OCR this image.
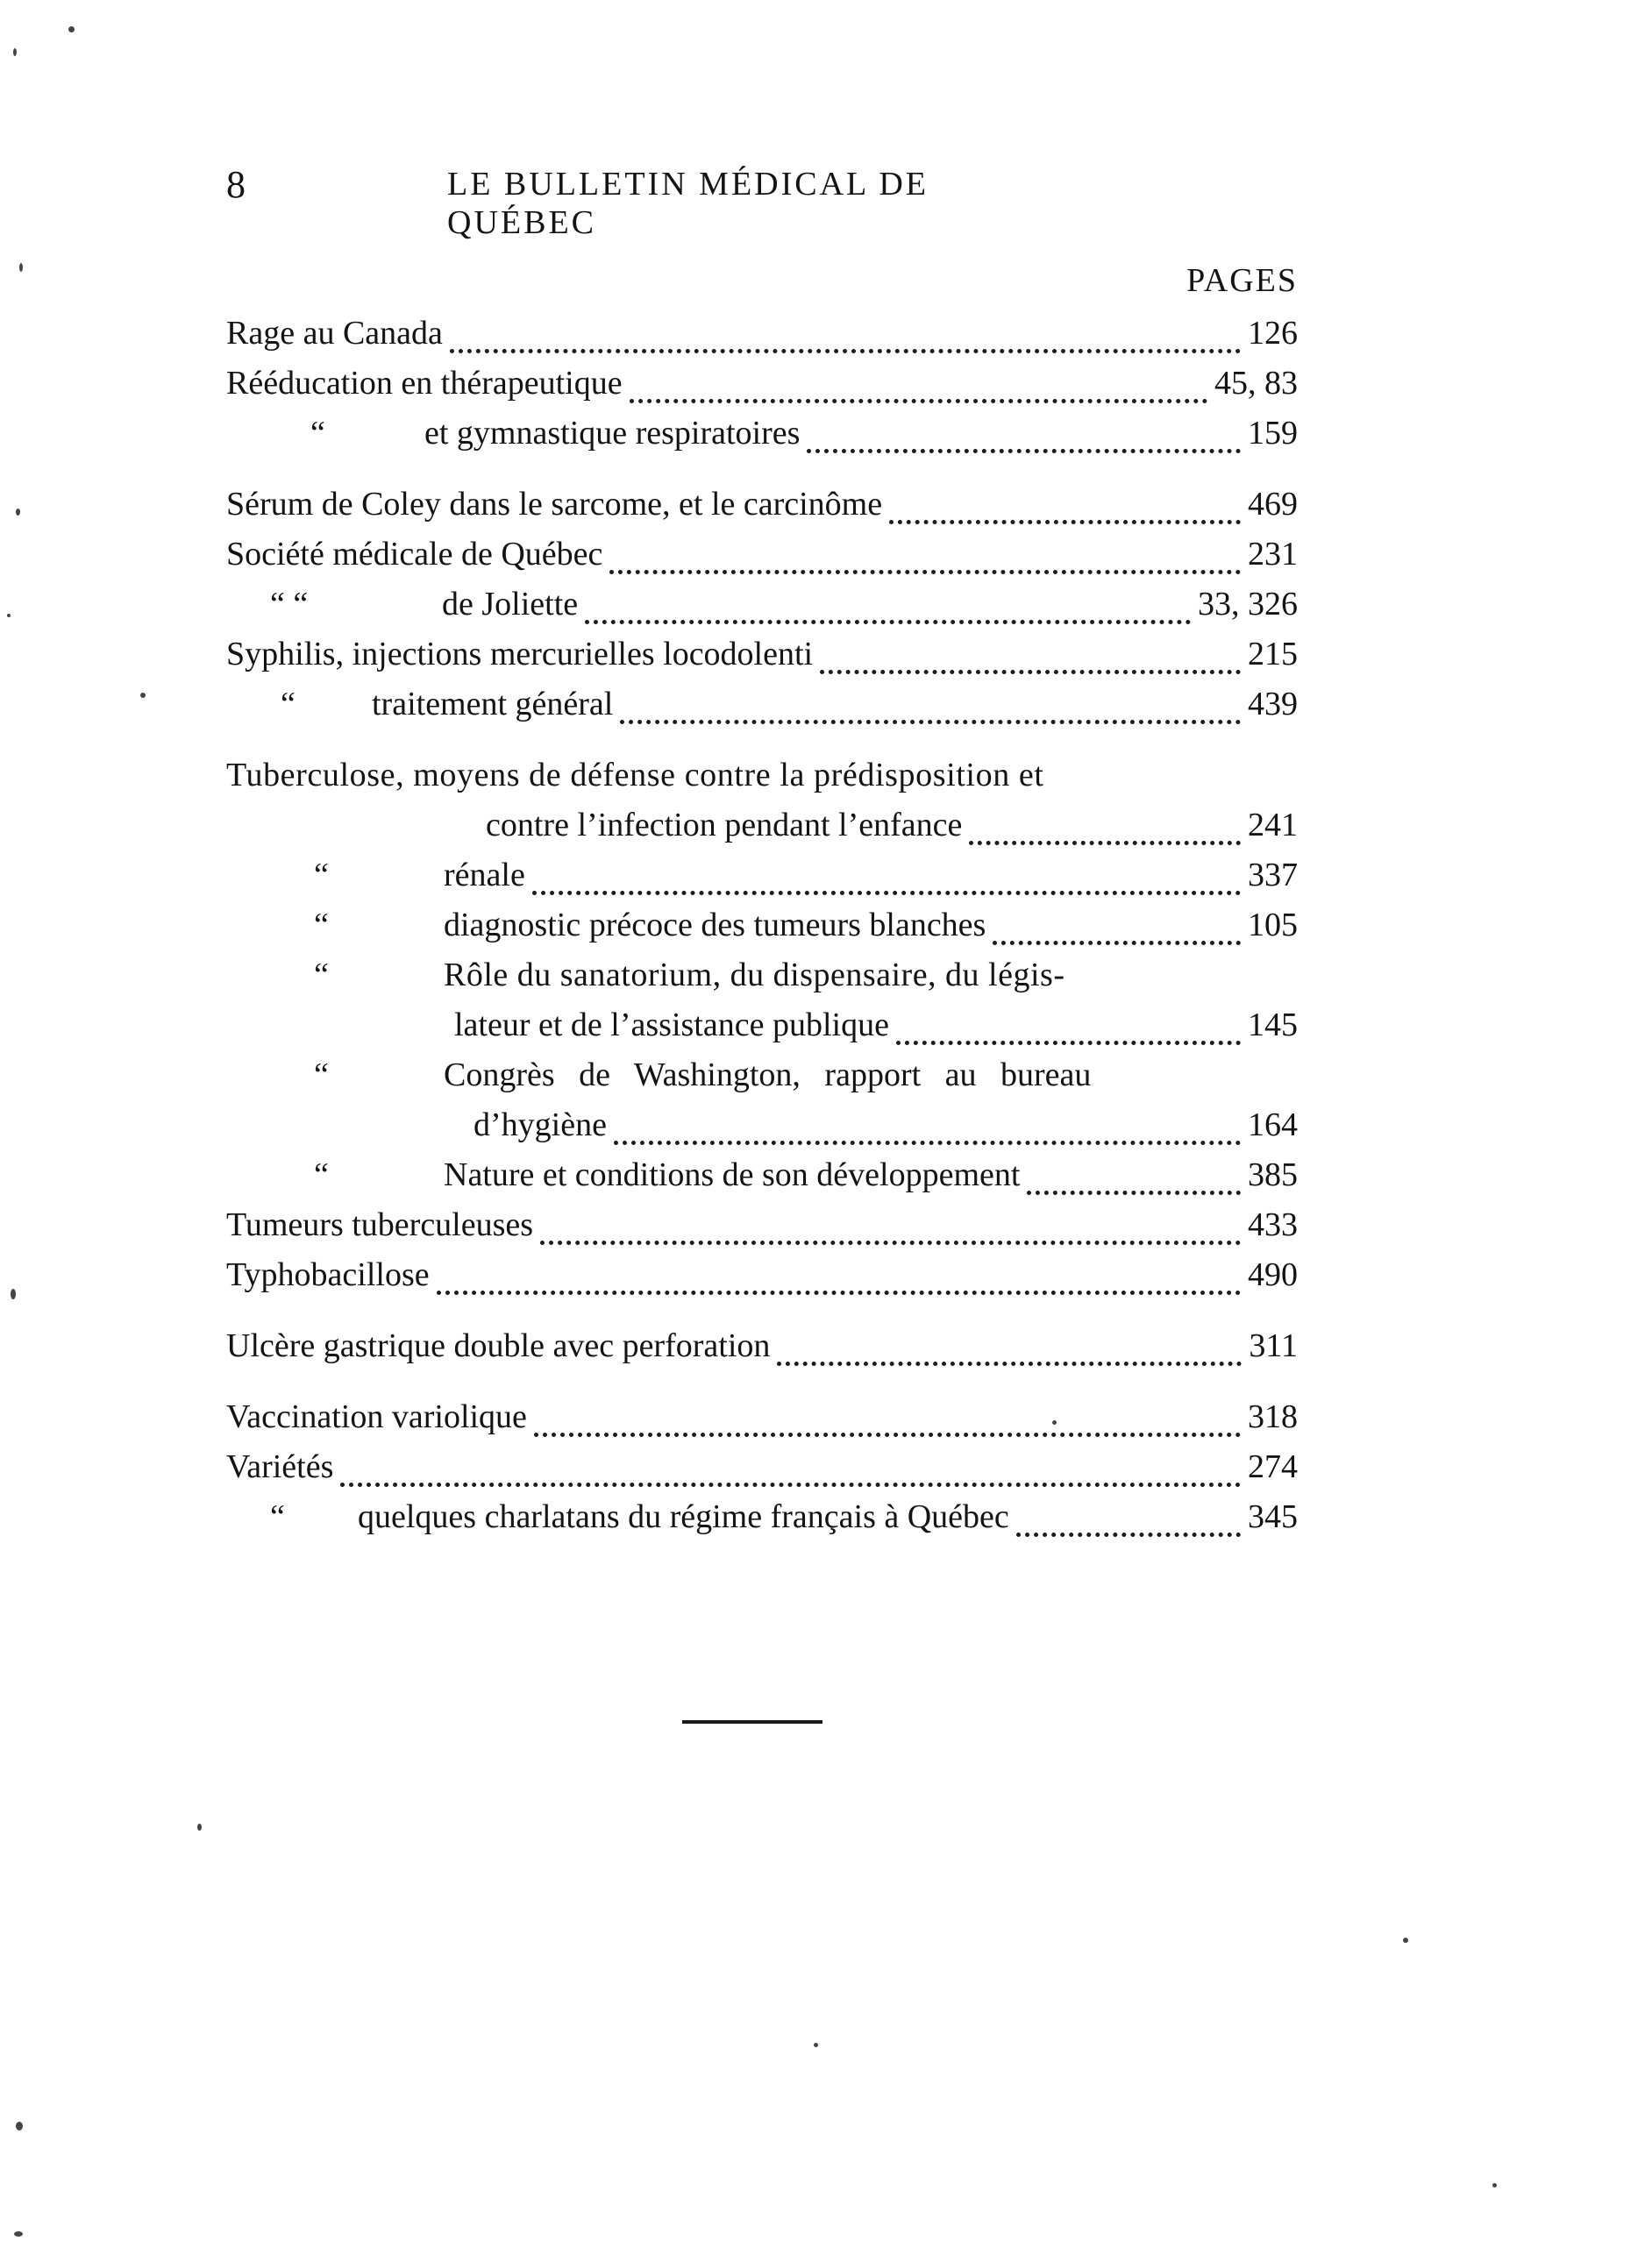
8	LE BULLETIN MÉDICAL DE QUÉBEC
PAGES
Rage au Canada	126
Rééducation en thérapeutique	45, 83
“	et gymnastique respiratoires	159
Sérum de Coley dans le sarcome, et le carcinôme	469
Société médicale de Québec	231
“ “	de Joliette	33, 326
Syphilis, injections mercurielles locodolenti	215
“	traitement général	439
Tuberculose, moyens de défense contre la prédisposition et
contre l’infection pendant l’enfance	241
“	rénale	337
“	diagnostic précoce des tumeurs blanches	105
“	Rôle du sanatorium, du dispensaire, du légis-
lateur et de l’assistance publique	145
“	Congrès de Washington, rapport au bureau
d’hygiène	164
“	Nature et conditions de son développement	385
Tumeurs tuberculeuses	433
Typhobacillose	490
Ulcère gastrique double avec perforation	311
Vaccination variolique	318
Variétés	274
“	quelques charlatans du régime français à Québec	345
